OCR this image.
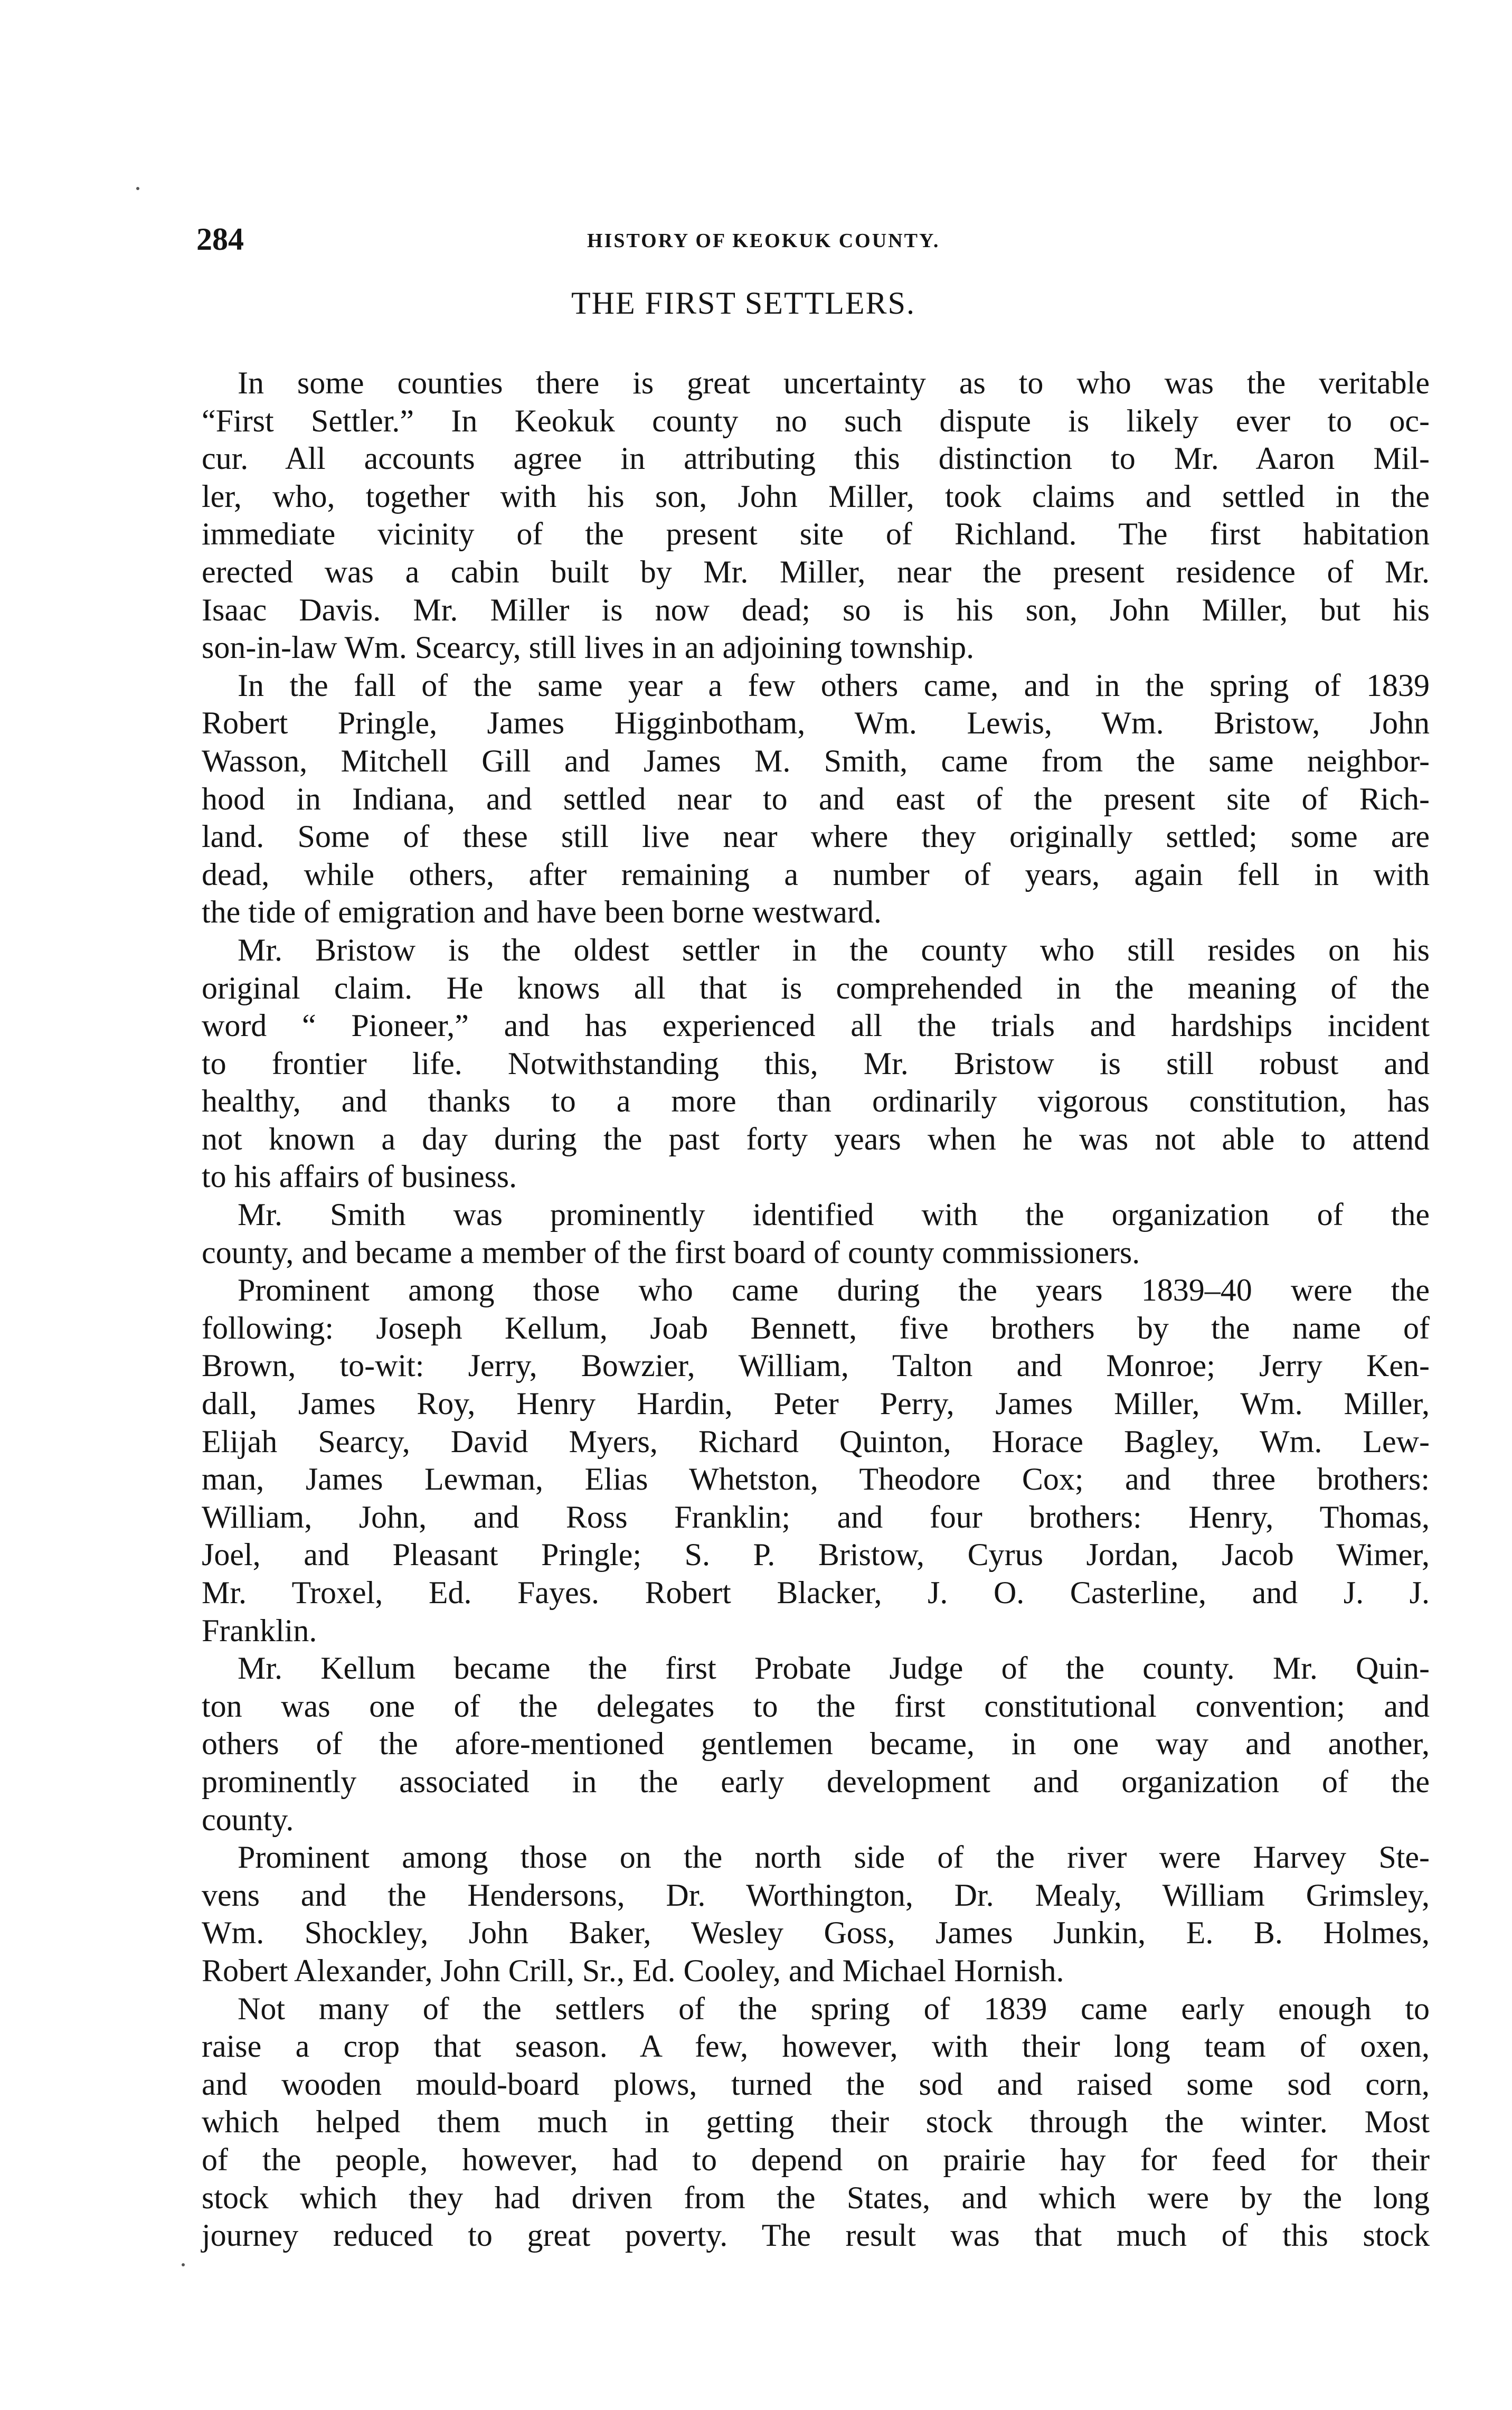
284	HISTORY OF KEOKUK COUNTY.
THE FIRST SETTLERS.
In some counties there is great uncertainty as to who was the veritable
“First Settler.” In Keokuk county no such dispute is likely ever to oc-
cur. All accounts agree in attributing this distinction to Mr. Aaron Mil-
ler, who, together with his son, John Miller, took claims and settled in the
immediate vicinity of the present site of Richland. The first habitation
erected was a cabin built by Mr. Miller, near the present residence of Mr.
Isaac Davis. Mr. Miller is now dead; so is his son, John Miller, but his
son-in-law Wm. Scearcy, still lives in an adjoining township.
In the fall of the same year a few others came, and in the spring of 1839
Robert Pringle, James Higginbotham, Wm. Lewis, Wm. Bristow, John
Wasson, Mitchell Gill and James M. Smith, came from the same neighbor-
hood in Indiana, and settled near to and east of the present site of Rich-
land. Some of these still live near where they originally settled; some are
dead, while others, after remaining a number of years, again fell in with
the tide of emigration and have been borne westward.
Mr. Bristow is the oldest settler in the county who still resides on his
original claim. He knows all that is comprehended in the meaning of the
word “ Pioneer,” and has experienced all the trials and hardships incident
to frontier life. Notwithstanding this, Mr. Bristow is still robust and
healthy, and thanks to a more than ordinarily vigorous constitution, has
not known a day during the past forty years when he was not able to attend
to his affairs of business.
Mr. Smith was prominently identified with the organization of the
county, and became a member of the first board of county commissioners.
Prominent among those who came during the years 1839–40 were the
following: Joseph Kellum, Joab Bennett, five brothers by the name of
Brown, to-wit: Jerry, Bowzier, William, Talton and Monroe; Jerry Ken-
dall, James Roy, Henry Hardin, Peter Perry, James Miller, Wm. Miller,
Elijah Searcy, David Myers, Richard Quinton, Horace Bagley, Wm. Lew-
man, James Lewman, Elias Whetston, Theodore Cox; and three brothers:
William, John, and Ross Franklin; and four brothers: Henry, Thomas,
Joel, and Pleasant Pringle; S. P. Bristow, Cyrus Jordan, Jacob Wimer,
Mr. Troxel, Ed. Fayes. Robert Blacker, J. O. Casterline, and J. J.
Franklin.
Mr. Kellum became the first Probate Judge of the county. Mr. Quin-
ton was one of the delegates to the first constitutional convention; and
others of the afore-mentioned gentlemen became, in one way and another,
prominently associated in the early development and organization of the
county.
Prominent among those on the north side of the river were Harvey Ste-
vens and the Hendersons, Dr. Worthington, Dr. Mealy, William Grimsley,
Wm. Shockley, John Baker, Wesley Goss, James Junkin, E. B. Holmes,
Robert Alexander, John Crill, Sr., Ed. Cooley, and Michael Hornish.
Not many of the settlers of the spring of 1839 came early enough to
raise a crop that season. A few, however, with their long team of oxen,
and wooden mould-board plows, turned the sod and raised some sod corn,
which helped them much in getting their stock through the winter. Most
of the people, however, had to depend on prairie hay for feed for their
stock which they had driven from the States, and which were by the long
journey reduced to great poverty. The result was that much of this stock
